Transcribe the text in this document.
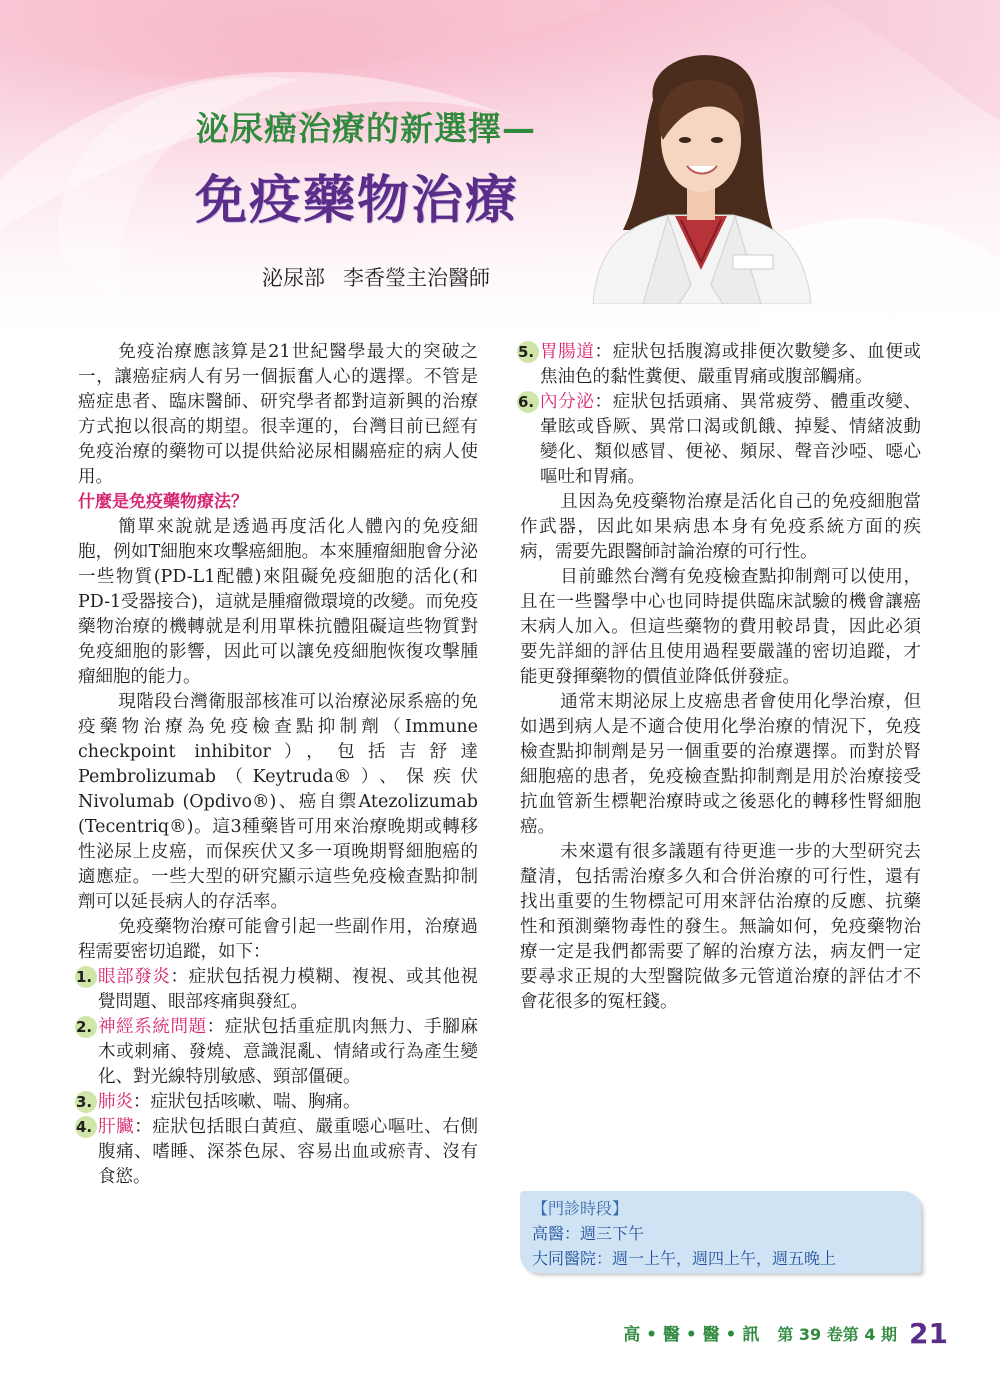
泌尿癌治療的新選擇—
免疫藥物治療
泌尿部 李香瑩主治醫師

免疫治療應該算是21世紀醫學最大的突破之一，讓癌症病人有另一個振奮人心的選擇。不管是癌症患者、臨床醫師、研究學者都對這新興的治療方式抱以很高的期望。很幸運的，台灣目前已經有免疫治療的藥物可以提供給泌尿相關癌症的病人使用。

什麼是免疫藥物療法？

簡單來說就是透過再度活化人體內的免疫細胞，例如T細胞來攻擊癌細胞。本來腫瘤細胞會分泌一些物質(PD-L1配體)來阻礙免疫細胞的活化(和PD-1受器接合)，這就是腫瘤微環境的改變。而免疫藥物治療的機轉就是利用單株抗體阻礙這些物質對免疫細胞的影響，因此可以讓免疫細胞恢復攻擊腫瘤細胞的能力。

現階段台灣衛服部核准可以治療泌尿系癌的免疫藥物治療為免疫檢查點抑制劑（Immune checkpoint inhibitor），包括吉舒達Pembrolizumab（Keytruda®）、保疾伏Nivolumab (Opdivo®)、癌自禦Atezolizumab (Tecentriq®)。這3種藥皆可用來治療晚期或轉移性泌尿上皮癌，而保疾伏又多一項晚期腎細胞癌的適應症。一些大型的研究顯示這些免疫檢查點抑制劑可以延長病人的存活率。

免疫藥物治療可能會引起一些副作用，治療過程需要密切追蹤，如下：

1. 眼部發炎：症狀包括視力模糊、複視、或其他視覺問題、眼部疼痛與發紅。
2. 神經系統問題：症狀包括重症肌肉無力、手腳麻木或刺痛、發燒、意識混亂、情緒或行為產生變化、對光線特別敏感、頸部僵硬。
3. 肺炎：症狀包括咳嗽、喘、胸痛。
4. 肝臟：症狀包括眼白黃疸、嚴重噁心嘔吐、右側腹痛、嗜睡、深茶色尿、容易出血或瘀青、沒有食慾。
5. 胃腸道：症狀包括腹瀉或排便次數變多、血便或焦油色的黏性糞便、嚴重胃痛或腹部觸痛。
6. 內分泌：症狀包括頭痛、異常疲勞、體重改變、暈眩或昏厥、異常口渴或飢餓、掉髮、情緒波動變化、類似感冒、便祕、頻尿、聲音沙啞、噁心嘔吐和胃痛。

且因為免疫藥物治療是活化自己的免疫細胞當作武器，因此如果病患本身有免疫系統方面的疾病，需要先跟醫師討論治療的可行性。

目前雖然台灣有免疫檢查點抑制劑可以使用，且在一些醫學中心也同時提供臨床試驗的機會讓癌末病人加入。但這些藥物的費用較昂貴，因此必須要先詳細的評估且使用過程要嚴謹的密切追蹤，才能更發揮藥物的價值並降低併發症。

通常末期泌尿上皮癌患者會使用化學治療，但如遇到病人是不適合使用化學治療的情況下，免疫檢查點抑制劑是另一個重要的治療選擇。而對於腎細胞癌的患者，免疫檢查點抑制劑是用於治療接受抗血管新生標靶治療時或之後惡化的轉移性腎細胞癌。

未來還有很多議題有待更進一步的大型研究去釐清，包括需治療多久和合併治療的可行性，還有找出重要的生物標記可用來評估治療的反應、抗藥性和預測藥物毒性的發生。無論如何，免疫藥物治療一定是我們都需要了解的治療方法，病友們一定要尋求正規的大型醫院做多元管道治療的評估才不會花很多的冤枉錢。

【門診時段】
高醫：週三下午
大同醫院：週一上午，週四上午，週五晚上
高 • 醫 • 醫 • 訊 第 39 卷第 4 期 21
